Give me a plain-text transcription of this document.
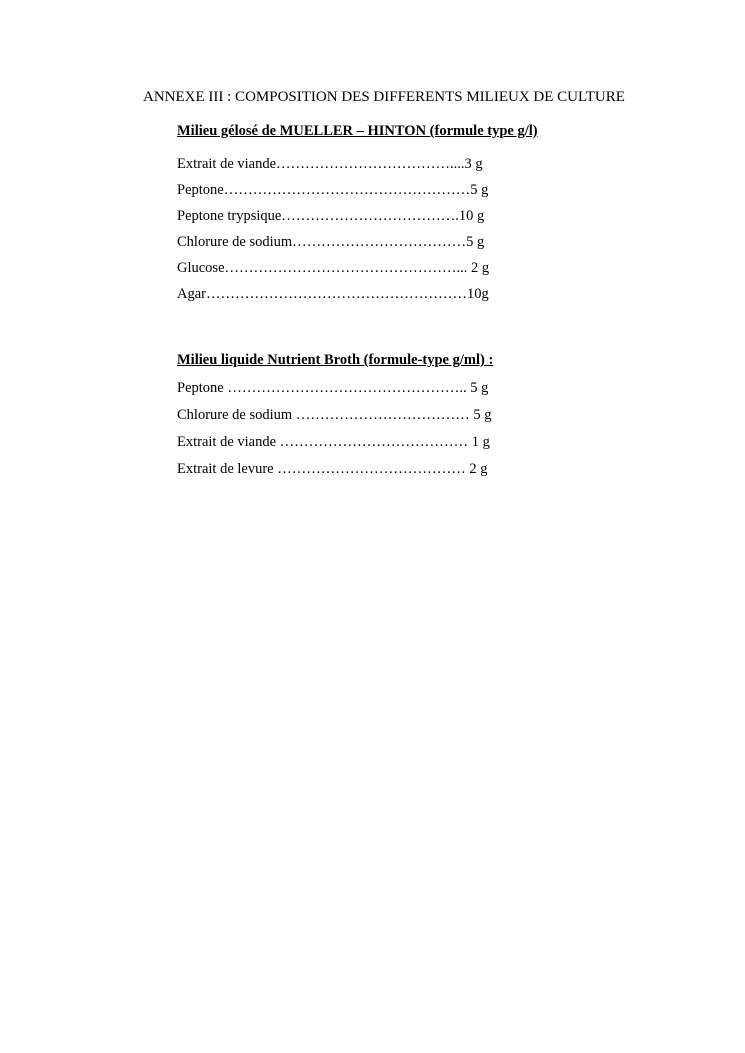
ANNEXE III : COMPOSITION DES DIFFERENTS MILIEUX DE CULTURE
Milieu gélosé de MUELLER – HINTON (formule type g/l)
Extrait de viande………………………………....3 g
Peptone……………………………………………5 g
Peptone trypsique……………………………….10 g
Chlorure de sodium………………………………5 g
Glucose…………………………………………... 2 g
Agar………………………………………………10g
Milieu liquide Nutrient Broth (formule-type g/ml) :
Peptone ………………………………………….. 5 g
Chlorure de sodium ……………………………… 5 g
Extrait de viande ………………………………… 1 g
Extrait de levure ………………………………… 2 g
